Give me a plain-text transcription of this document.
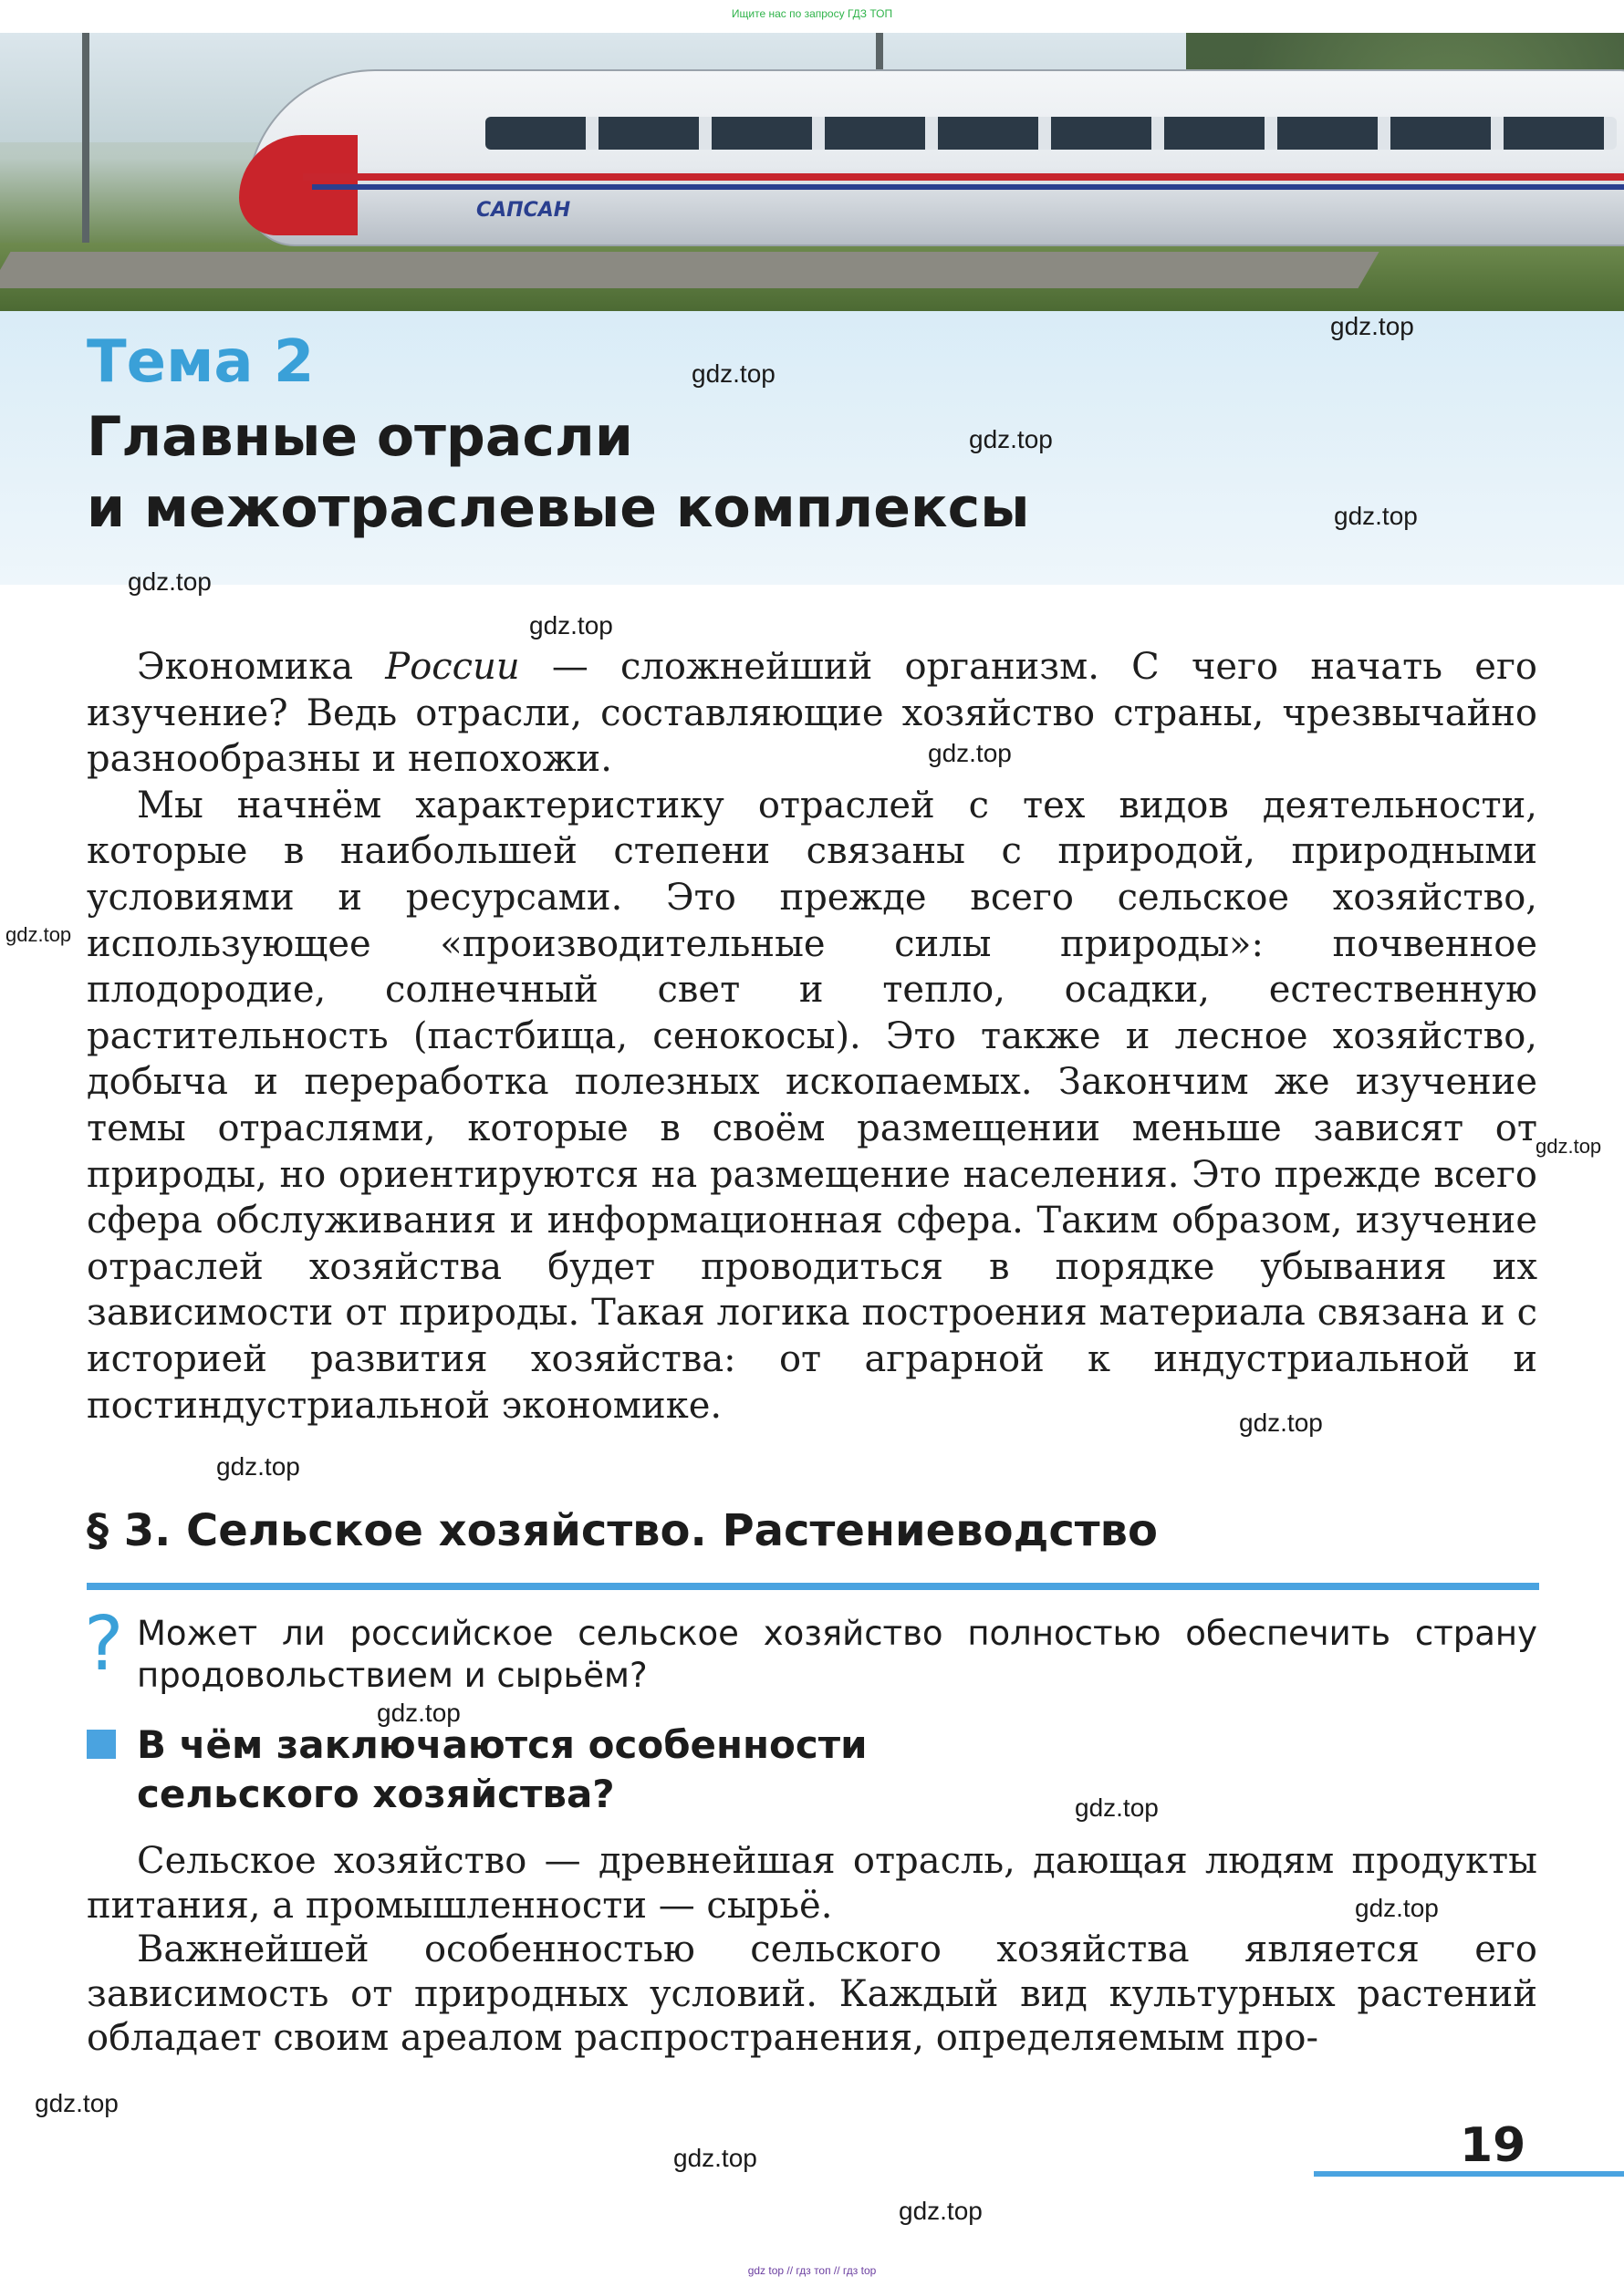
Ищите нас по запросу ГДЗ ТОП
САПСАН
Тема 2
Главные отрасли
и межотраслевые комплексы

Экономика России — сложнейший организм. С чего начать его изучение? Ведь отрасли, составляющие хозяйство страны, чрезвычайно разнообразны и непохожи.

Мы начнём характеристику отраслей с тех видов деятельности, которые в наибольшей степени связаны с природой, природными условиями и ресурсами. Это прежде всего сельское хозяйство, использующее «производительные силы природы»: почвенное плодородие, солнечный свет и тепло, осадки, естественную растительность (пастбища, сенокосы). Это также и лесное хозяйство, добыча и переработка полезных ископаемых. Закончим же изучение темы отраслями, которые в своём размещении меньше зависят от природы, но ориентируются на размещение населения. Это прежде всего сфера обслуживания и информационная сфера. Таким образом, изучение отраслей хозяйства будет проводиться в порядке убывания их зависимости от природы. Такая логика построения материала связана и с историей развития хозяйства: от аграрной к индустриальной и постиндустриальной экономике.

§ 3. Сельское хозяйство. Растениеводство
? Может ли российское сельское хозяйство полностью обеспечить страну продовольствием и сырьём?

В чём заключаются особенности
сельского хозяйства?

Сельское хозяйство — древнейшая отрасль, дающая людям продукты питания, а промышленности — сырьё.

Важнейшей особенностью сельского хозяйства является его зависимость от природных условий. Каждый вид культурных растений обладает своим ареалом распространения, определяемым про-

19
gdz.top
gdz.top
gdz.top
gdz.top
gdz.top
gdz.top
gdz.top
gdz.top
gdz.top
gdz.top
gdz.top
gdz.top
gdz.top
gdz.top
gdz.top
gdz.top
gdz.top
gdz top // гдз топ // гдз top
